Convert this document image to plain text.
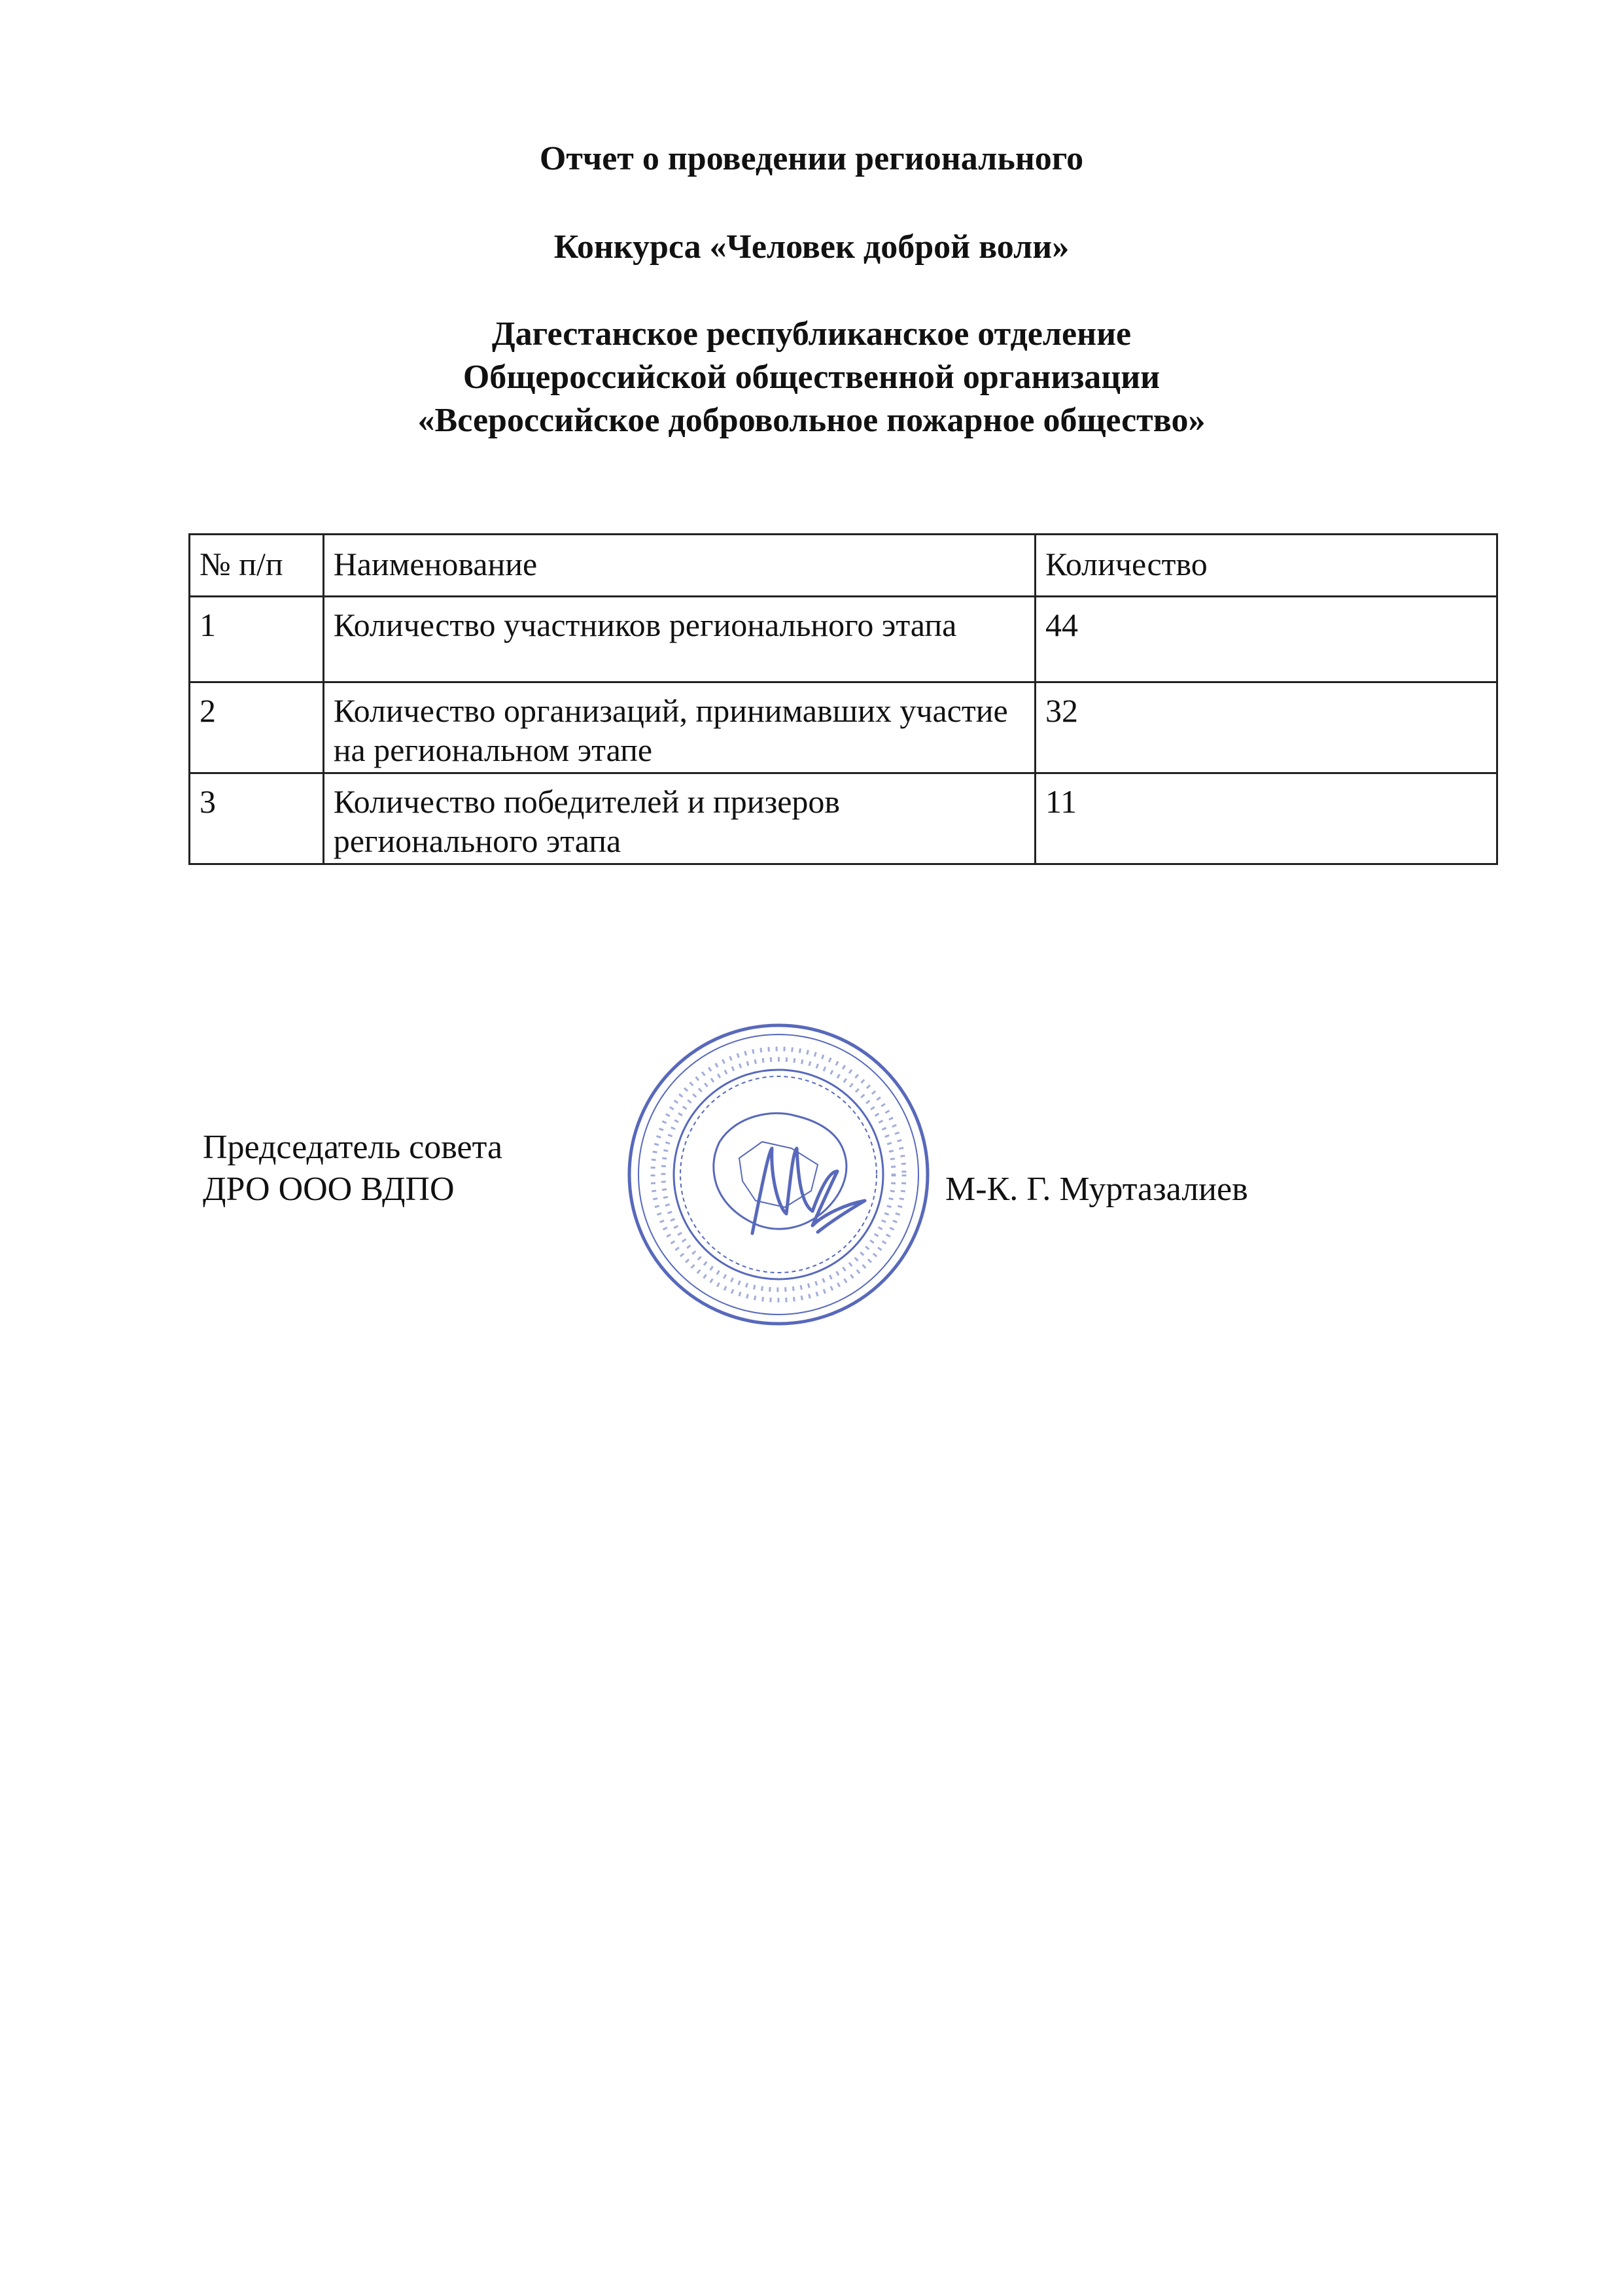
Отчет о проведении регионального
Конкурса «Человек доброй воли»
Дагестанское республиканское отделение
Общероссийской общественной организации
«Всероссийское добровольное пожарное общество»
№ п/п	Наименование	Количество
1	Количество участников регионального этапа	44
2	Количество организаций, принимавших участие на региональном этапе	32
3	Количество победителей и призеров регионального этапа	11
Председатель совета
ДРО ООО ВДПО	М-К. Г. Муртазалиев
